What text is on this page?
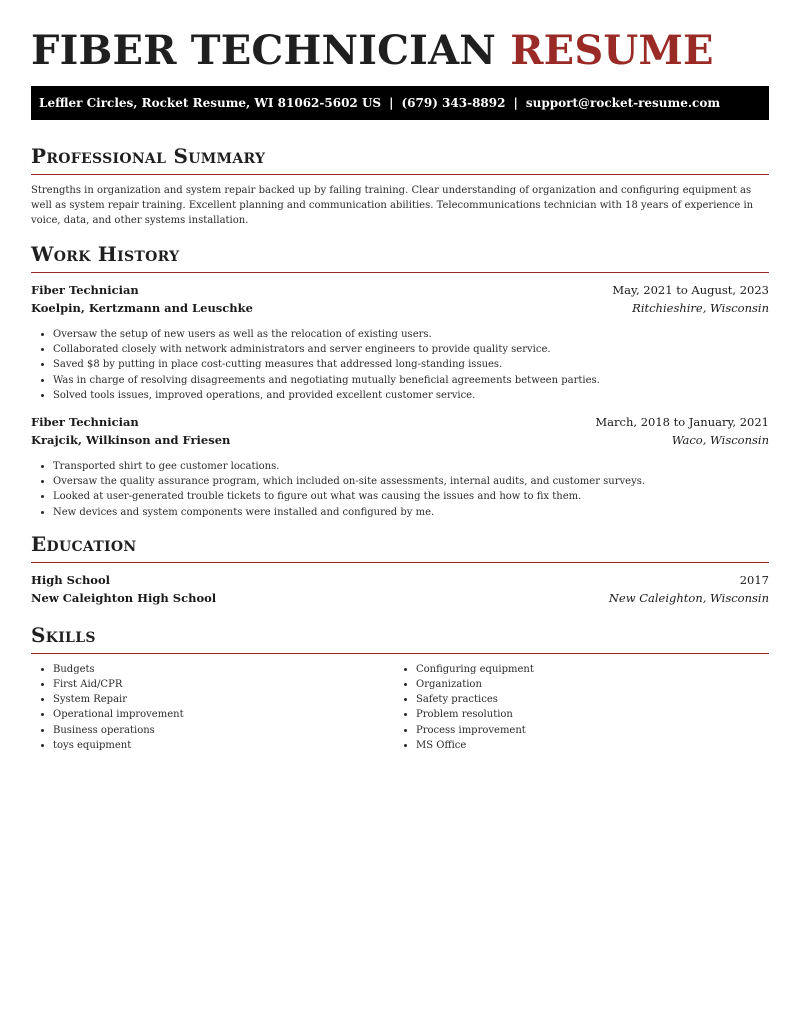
FIBER TECHNICIAN RESUME
Leffler Circles, Rocket Resume, WI 81062-5602 US | (679) 343-8892 | support@rocket-resume.com
Professional Summary

Strengths in organization and system repair backed up by failing training. Clear understanding of organization and configuring equipment as well as system repair training. Excellent planning and communication abilities. Telecommunications technician with 18 years of experience in voice, data, and other systems installation.

Work History
Fiber Technician	May, 2021 to August, 2023
Koelpin, Kertzmann and Leuschke	Ritchieshire, Wisconsin
• Oversaw the setup of new users as well as the relocation of existing users.
• Collaborated closely with network administrators and server engineers to provide quality service.
• Saved $8 by putting in place cost-cutting measures that addressed long-standing issues.
• Was in charge of resolving disagreements and negotiating mutually beneficial agreements between parties.
• Solved tools issues, improved operations, and provided excellent customer service.
Fiber Technician	March, 2018 to January, 2021
Krajcik, Wilkinson and Friesen	Waco, Wisconsin
• Transported shirt to gee customer locations.
• Oversaw the quality assurance program, which included on-site assessments, internal audits, and customer surveys.
• Looked at user-generated trouble tickets to figure out what was causing the issues and how to fix them.
• New devices and system components were installed and configured by me.
Education
High School	2017
New Caleighton High School	New Caleighton, Wisconsin
Skills
• Budgets
• First Aid/CPR
• System Repair
• Operational improvement
• Business operations
• toys equipment
• Configuring equipment
• Organization
• Safety practices
• Problem resolution
• Process improvement
• MS Office
